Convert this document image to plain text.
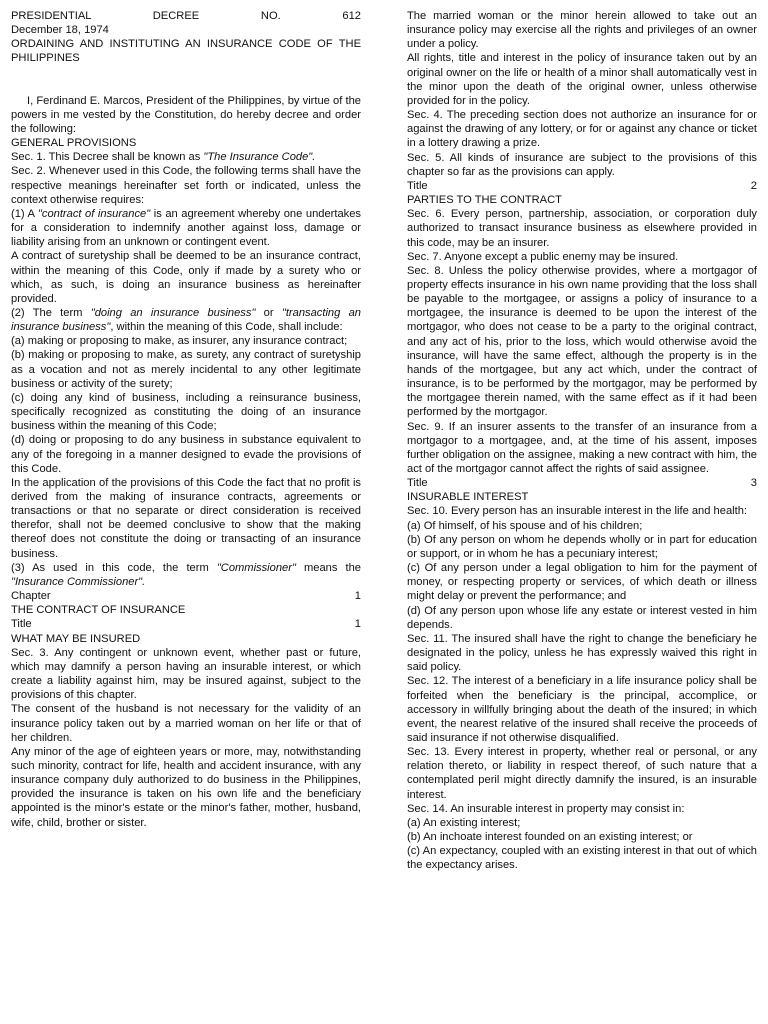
PRESIDENTIAL DECREE NO. 612

December 18, 1974

ORDAINING AND INSTITUTING AN INSURANCE CODE OF THE PHILIPPINES

I, Ferdinand E. Marcos, President of the Philippines, by virtue of the powers in me vested by the Constitution, do hereby decree and order the following:

GENERAL PROVISIONS

Sec. 1. This Decree shall be known as "The Insurance Code".

Sec. 2. Whenever used in this Code, the following terms shall have the respective meanings hereinafter set forth or indicated, unless the context otherwise requires:

(1) A "contract of insurance" is an agreement whereby one undertakes for a consideration to indemnify another against loss, damage or liability arising from an unknown or contingent event.

A contract of suretyship shall be deemed to be an insurance contract, within the meaning of this Code, only if made by a surety who or which, as such, is doing an insurance business as hereinafter provided.

(2) The term "doing an insurance business" or "transacting an insurance business", within the meaning of this Code, shall include:

(a) making or proposing to make, as insurer, any insurance contract;

(b) making or proposing to make, as surety, any contract of suretyship as a vocation and not as merely incidental to any other legitimate business or activity of the surety;

(c) doing any kind of business, including a reinsurance business, specifically recognized as constituting the doing of an insurance business within the meaning of this Code;

(d) doing or proposing to do any business in substance equivalent to any of the foregoing in a manner designed to evade the provisions of this Code.

In the application of the provisions of this Code the fact that no profit is derived from the making of insurance contracts, agreements or transactions or that no separate or direct consideration is received therefor, shall not be deemed conclusive to show that the making thereof does not constitute the doing or transacting of an insurance business.

(3) As used in this code, the term "Commissioner" means the "Insurance Commissioner".

Chapter	1

THE CONTRACT OF INSURANCE

Title	1

WHAT MAY BE INSURED

Sec. 3. Any contingent or unknown event, whether past or future, which may damnify a person having an insurable interest, or which create a liability against him, may be insured against, subject to the provisions of this chapter.

The consent of the husband is not necessary for the validity of an insurance policy taken out by a married woman on her life or that of her children.

Any minor of the age of eighteen years or more, may, notwithstanding such minority, contract for life, health and accident insurance, with any insurance company duly authorized to do business in the Philippines, provided the insurance is taken on his own life and the beneficiary appointed is the minor's estate or the minor's father, mother, husband, wife, child, brother or sister.

The married woman or the minor herein allowed to take out an insurance policy may exercise all the rights and privileges of an owner under a policy.

All rights, title and interest in the policy of insurance taken out by an original owner on the life or health of a minor shall automatically vest in the minor upon the death of the original owner, unless otherwise provided for in the policy.

Sec. 4. The preceding section does not authorize an insurance for or against the drawing of any lottery, or for or against any chance or ticket in a lottery drawing a prize.

Sec. 5. All kinds of insurance are subject to the provisions of this chapter so far as the provisions can apply.

Title	2

PARTIES TO THE CONTRACT

Sec. 6. Every person, partnership, association, or corporation duly authorized to transact insurance business as elsewhere provided in this code, may be an insurer.

Sec. 7. Anyone except a public enemy may be insured.

Sec. 8. Unless the policy otherwise provides, where a mortgagor of property effects insurance in his own name providing that the loss shall be payable to the mortgagee, or assigns a policy of insurance to a mortgagee, the insurance is deemed to be upon the interest of the mortgagor, who does not cease to be a party to the original contract, and any act of his, prior to the loss, which would otherwise avoid the insurance, will have the same effect, although the property is in the hands of the mortgagee, but any act which, under the contract of insurance, is to be performed by the mortgagor, may be performed by the mortgagee therein named, with the same effect as if it had been performed by the mortgagor.

Sec. 9. If an insurer assents to the transfer of an insurance from a mortgagor to a mortgagee, and, at the time of his assent, imposes further obligation on the assignee, making a new contract with him, the act of the mortgagor cannot affect the rights of said assignee.

Title	3

INSURABLE INTEREST

Sec. 10. Every person has an insurable interest in the life and health:

(a) Of himself, of his spouse and of his children;

(b) Of any person on whom he depends wholly or in part for education or support, or in whom he has a pecuniary interest;

(c) Of any person under a legal obligation to him for the payment of money, or respecting property or services, of which death or illness might delay or prevent the performance; and

(d) Of any person upon whose life any estate or interest vested in him depends.

Sec. 11. The insured shall have the right to change the beneficiary he designated in the policy, unless he has expressly waived this right in said policy.

Sec. 12. The interest of a beneficiary in a life insurance policy shall be forfeited when the beneficiary is the principal, accomplice, or accessory in willfully bringing about the death of the insured; in which event, the nearest relative of the insured shall receive the proceeds of said insurance if not otherwise disqualified.

Sec. 13. Every interest in property, whether real or personal, or any relation thereto, or liability in respect thereof, of such nature that a contemplated peril might directly damnify the insured, is an insurable interest.

Sec. 14. An insurable interest in property may consist in:

(a) An existing interest;

(b) An inchoate interest founded on an existing interest; or

(c) An expectancy, coupled with an existing interest in that out of which the expectancy arises.
